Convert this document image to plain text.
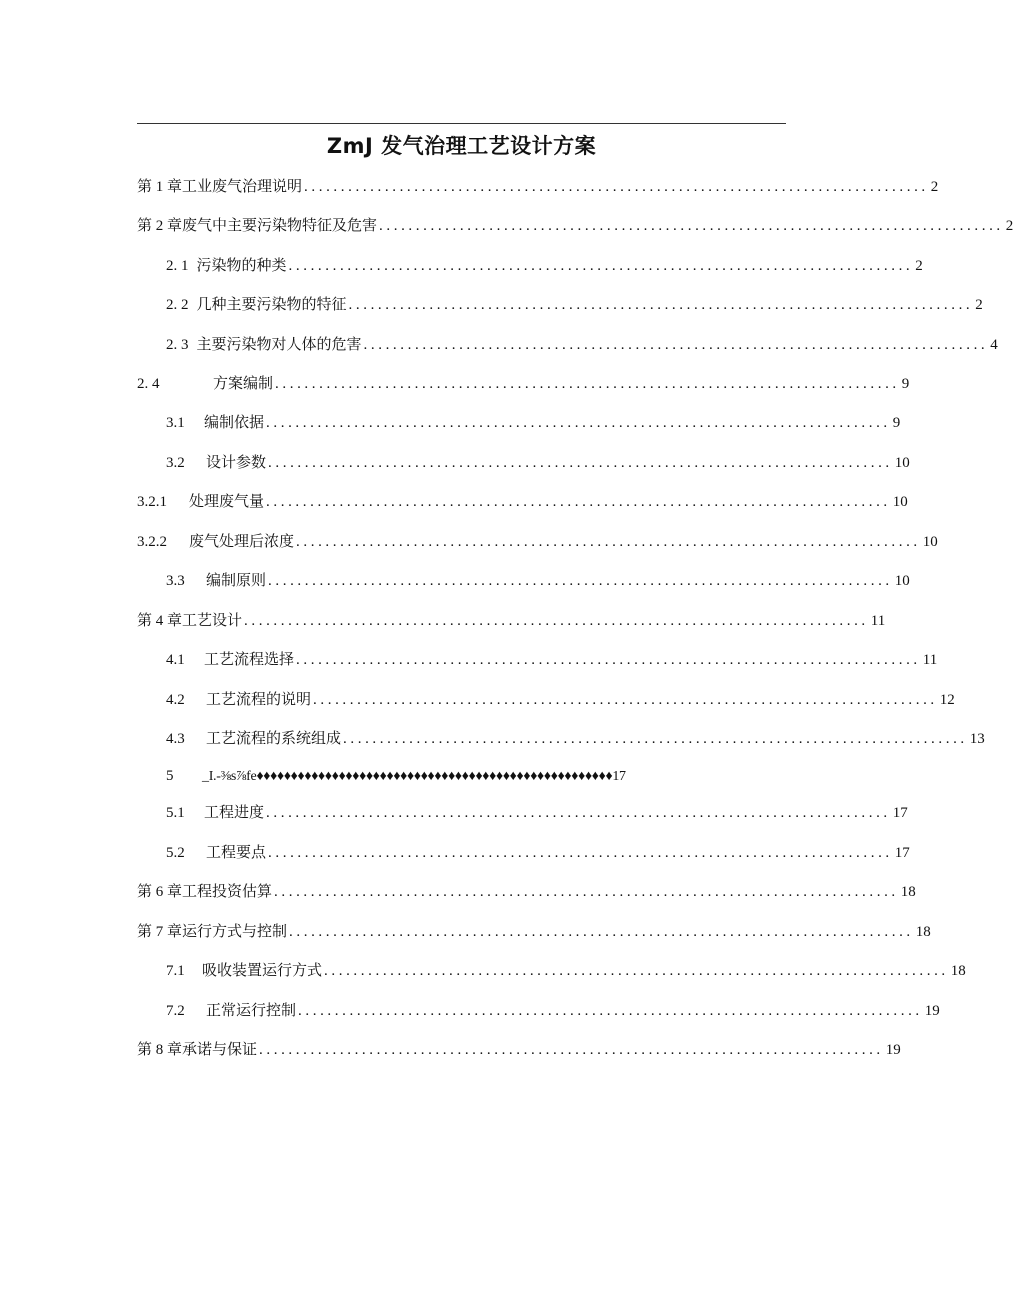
ZmJ 发气治理工艺设计方案
第 1 章 工业废气治理说明 ..................................................................................... 2
第 2 章 废气中主要污染物特征及危害 ..................................................................................... 2
2. 1 污染物的种类 ..................................................................................... 2
2. 2 几种主要污染物的特征 ..................................................................................... 2
2. 3 主要污染物对人体的危害 ..................................................................................... 4
2. 4	方案编制 ..................................................................................... 9
3.1	编制依据 ..................................................................................... 9
3.2	设计参数 ..................................................................................... 10
3.2.1	处理废气量 ..................................................................................... 10
3.2.2	废气处理后浓度 ..................................................................................... 10
3.3	编制原则 ..................................................................................... 10
第 4 章 工艺设计 ..................................................................................... 11
4.1	工艺流程选择 ..................................................................................... 11
4.2	工艺流程的说明 ..................................................................................... 12
4.3	工艺流程的系统组成 ..................................................................................... 13
5	_I.-⅜s⅞fe♦♦♦♦♦♦♦♦♦♦♦♦♦♦♦♦♦♦♦♦♦♦♦♦♦♦♦♦♦♦♦♦♦♦♦♦♦♦♦♦♦♦♦♦♦♦♦♦♦♦♦♦17
5.1	工程进度 ..................................................................................... 17
5.2	工程要点 ..................................................................................... 17
第 6 章 工程投资估算 ..................................................................................... 18
第 7 章 运行方式与控制 ..................................................................................... 18
7.1	吸收装置运行方式 ..................................................................................... 18
7.2	正常运行控制 ..................................................................................... 19
第 8 章 承诺与保证 ..................................................................................... 19
